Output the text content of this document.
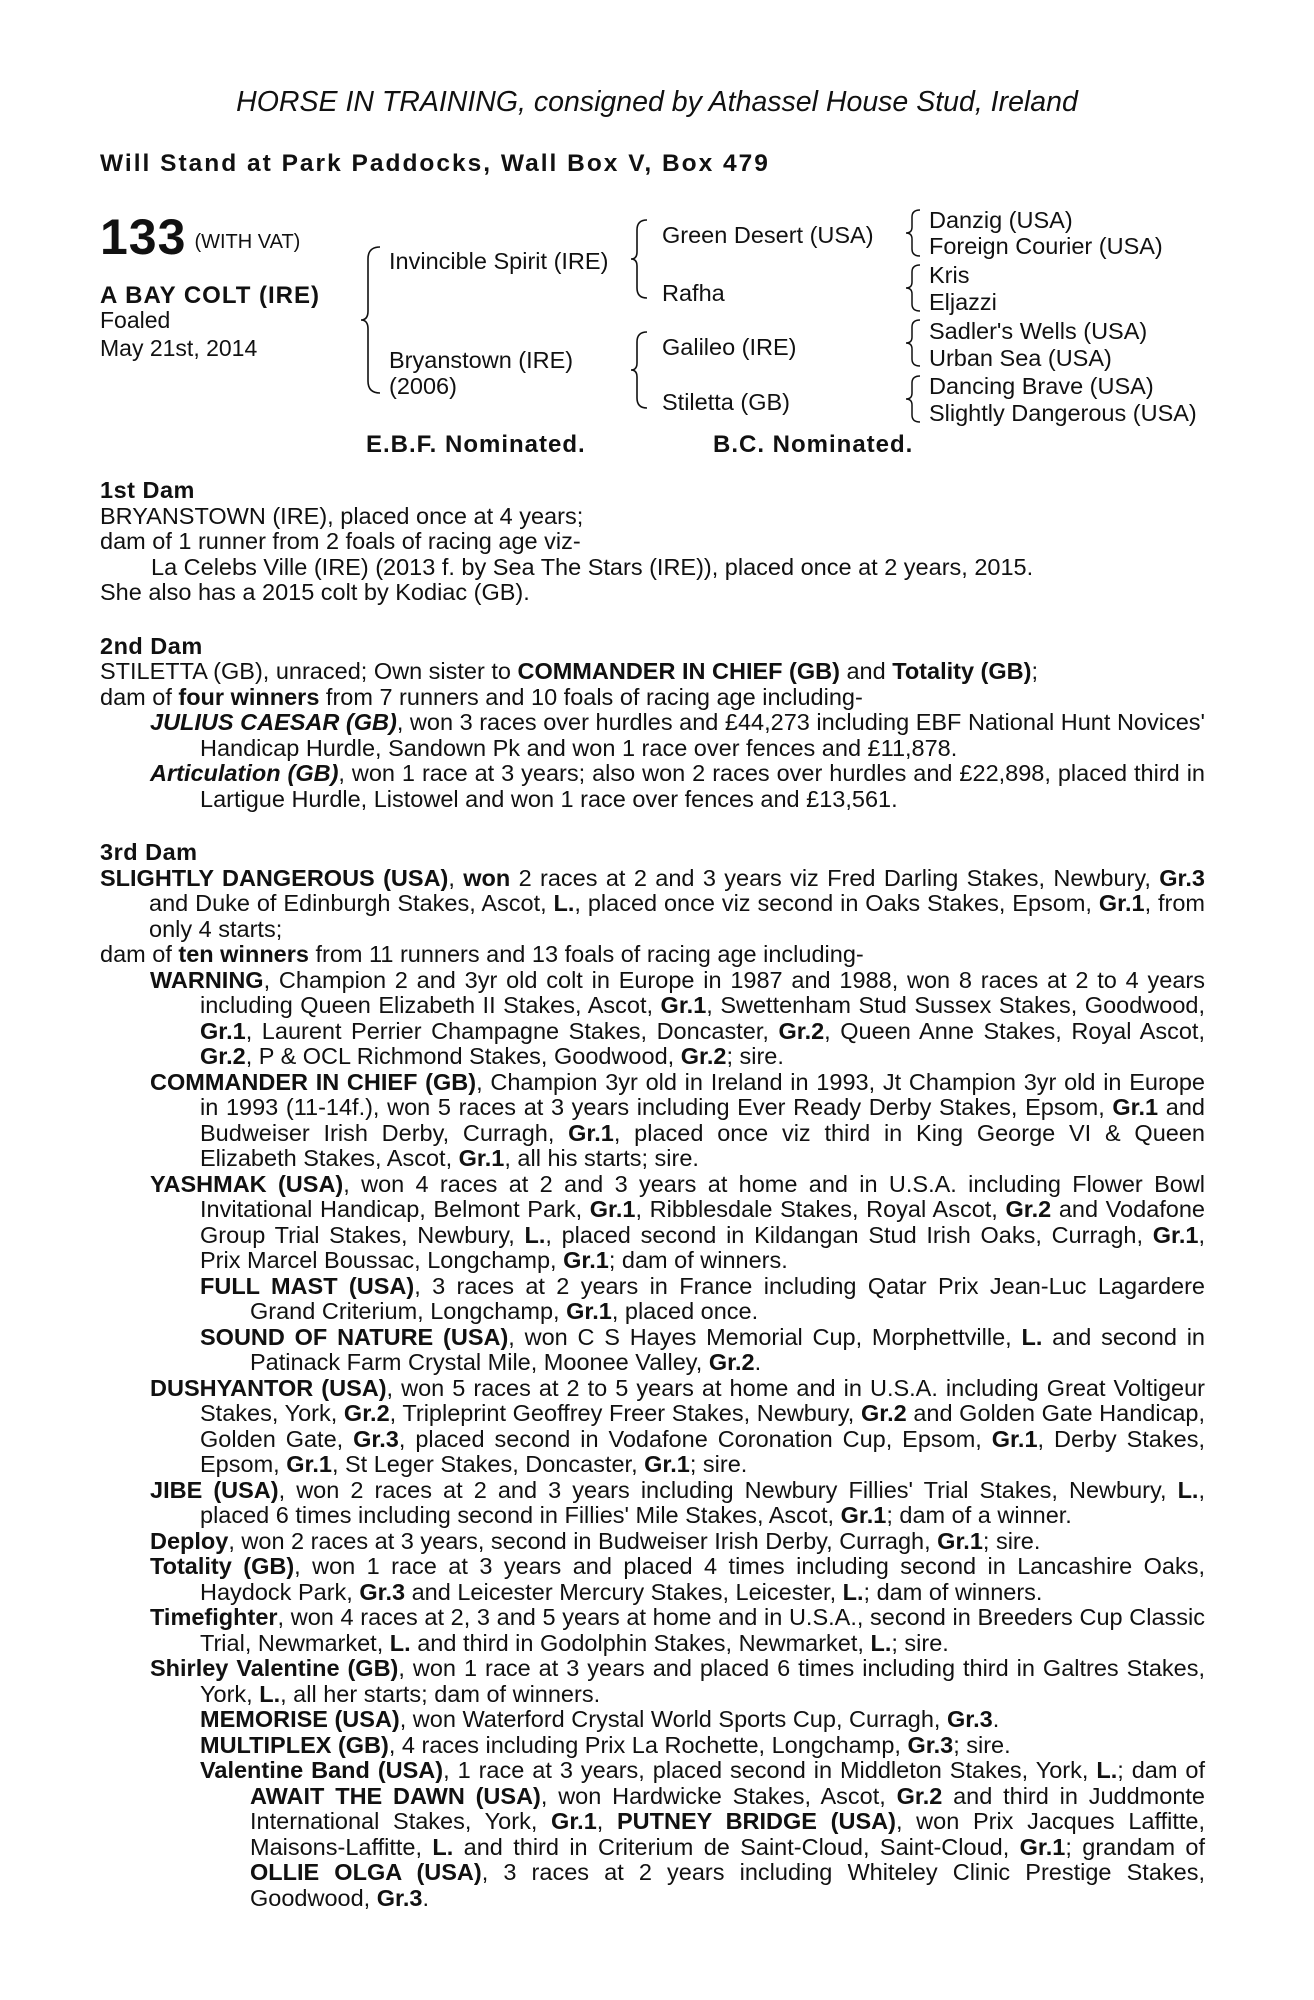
HORSE IN TRAINING, consigned by Athassel House Stud, Ireland
Will Stand at Park Paddocks, Wall Box V, Box 479
133 (WITH VAT)
A BAY COLT (IRE)
Foaled
May 21st, 2014
Invincible Spirit (IRE)
Bryanstown (IRE)
(2006)
Green Desert (USA)
Rafha
Galileo (IRE)
Stiletta (GB)
Danzig (USA)
Foreign Courier (USA)
Kris
Eljazzi
Sadler's Wells (USA)
Urban Sea (USA)
Dancing Brave (USA)
Slightly Dangerous (USA)
E.B.F. Nominated.	B.C. Nominated.
1st Dam
BRYANSTOWN (IRE), placed once at 4 years;
dam of 1 runner from 2 foals of racing age viz-
La Celebs Ville (IRE) (2013 f. by Sea The Stars (IRE)), placed once at 2 years, 2015.
She also has a 2015 colt by Kodiac (GB).
2nd Dam
STILETTA (GB), unraced; Own sister to COMMANDER IN CHIEF (GB) and Totality (GB);
dam of four winners from 7 runners and 10 foals of racing age including-
JULIUS CAESAR (GB), won 3 races over hurdles and £44,273 including EBF National Hunt Novices' Handicap Hurdle, Sandown Pk and won 1 race over fences and £11,878.
Articulation (GB), won 1 race at 3 years; also won 2 races over hurdles and £22,898, placed third in Lartigue Hurdle, Listowel and won 1 race over fences and £13,561.
3rd Dam
SLIGHTLY DANGEROUS (USA), won 2 races at 2 and 3 years viz Fred Darling Stakes, Newbury, Gr.3 and Duke of Edinburgh Stakes, Ascot, L., placed once viz second in Oaks Stakes, Epsom, Gr.1, from only 4 starts;
dam of ten winners from 11 runners and 13 foals of racing age including-
WARNING, Champion 2 and 3yr old colt in Europe in 1987 and 1988, won 8 races at 2 to 4 years including Queen Elizabeth II Stakes, Ascot, Gr.1, Swettenham Stud Sussex Stakes, Goodwood, Gr.1, Laurent Perrier Champagne Stakes, Doncaster, Gr.2, Queen Anne Stakes, Royal Ascot, Gr.2, P & OCL Richmond Stakes, Goodwood, Gr.2; sire.
COMMANDER IN CHIEF (GB), Champion 3yr old in Ireland in 1993, Jt Champion 3yr old in Europe in 1993 (11-14f.), won 5 races at 3 years including Ever Ready Derby Stakes, Epsom, Gr.1 and Budweiser Irish Derby, Curragh, Gr.1, placed once viz third in King George VI & Queen Elizabeth Stakes, Ascot, Gr.1, all his starts; sire.
YASHMAK (USA), won 4 races at 2 and 3 years at home and in U.S.A. including Flower Bowl Invitational Handicap, Belmont Park, Gr.1, Ribblesdale Stakes, Royal Ascot, Gr.2 and Vodafone Group Trial Stakes, Newbury, L., placed second in Kildangan Stud Irish Oaks, Curragh, Gr.1, Prix Marcel Boussac, Longchamp, Gr.1; dam of winners.
FULL MAST (USA), 3 races at 2 years in France including Qatar Prix Jean-Luc Lagardere Grand Criterium, Longchamp, Gr.1, placed once.
SOUND OF NATURE (USA), won C S Hayes Memorial Cup, Morphettville, L. and second in Patinack Farm Crystal Mile, Moonee Valley, Gr.2.
DUSHYANTOR (USA), won 5 races at 2 to 5 years at home and in U.S.A. including Great Voltigeur Stakes, York, Gr.2, Tripleprint Geoffrey Freer Stakes, Newbury, Gr.2 and Golden Gate Handicap, Golden Gate, Gr.3, placed second in Vodafone Coronation Cup, Epsom, Gr.1, Derby Stakes, Epsom, Gr.1, St Leger Stakes, Doncaster, Gr.1; sire.
JIBE (USA), won 2 races at 2 and 3 years including Newbury Fillies' Trial Stakes, Newbury, L., placed 6 times including second in Fillies' Mile Stakes, Ascot, Gr.1; dam of a winner.
Deploy, won 2 races at 3 years, second in Budweiser Irish Derby, Curragh, Gr.1; sire.
Totality (GB), won 1 race at 3 years and placed 4 times including second in Lancashire Oaks, Haydock Park, Gr.3 and Leicester Mercury Stakes, Leicester, L.; dam of winners.
Timefighter, won 4 races at 2, 3 and 5 years at home and in U.S.A., second in Breeders Cup Classic Trial, Newmarket, L. and third in Godolphin Stakes, Newmarket, L.; sire.
Shirley Valentine (GB), won 1 race at 3 years and placed 6 times including third in Galtres Stakes, York, L., all her starts; dam of winners.
MEMORISE (USA), won Waterford Crystal World Sports Cup, Curragh, Gr.3.
MULTIPLEX (GB), 4 races including Prix La Rochette, Longchamp, Gr.3; sire.
Valentine Band (USA), 1 race at 3 years, placed second in Middleton Stakes, York, L.; dam of AWAIT THE DAWN (USA), won Hardwicke Stakes, Ascot, Gr.2 and third in Juddmonte International Stakes, York, Gr.1, PUTNEY BRIDGE (USA), won Prix Jacques Laffitte, Maisons-Laffitte, L. and third in Criterium de Saint-Cloud, Saint-Cloud, Gr.1; grandam of OLLIE OLGA (USA), 3 races at 2 years including Whiteley Clinic Prestige Stakes, Goodwood, Gr.3.
